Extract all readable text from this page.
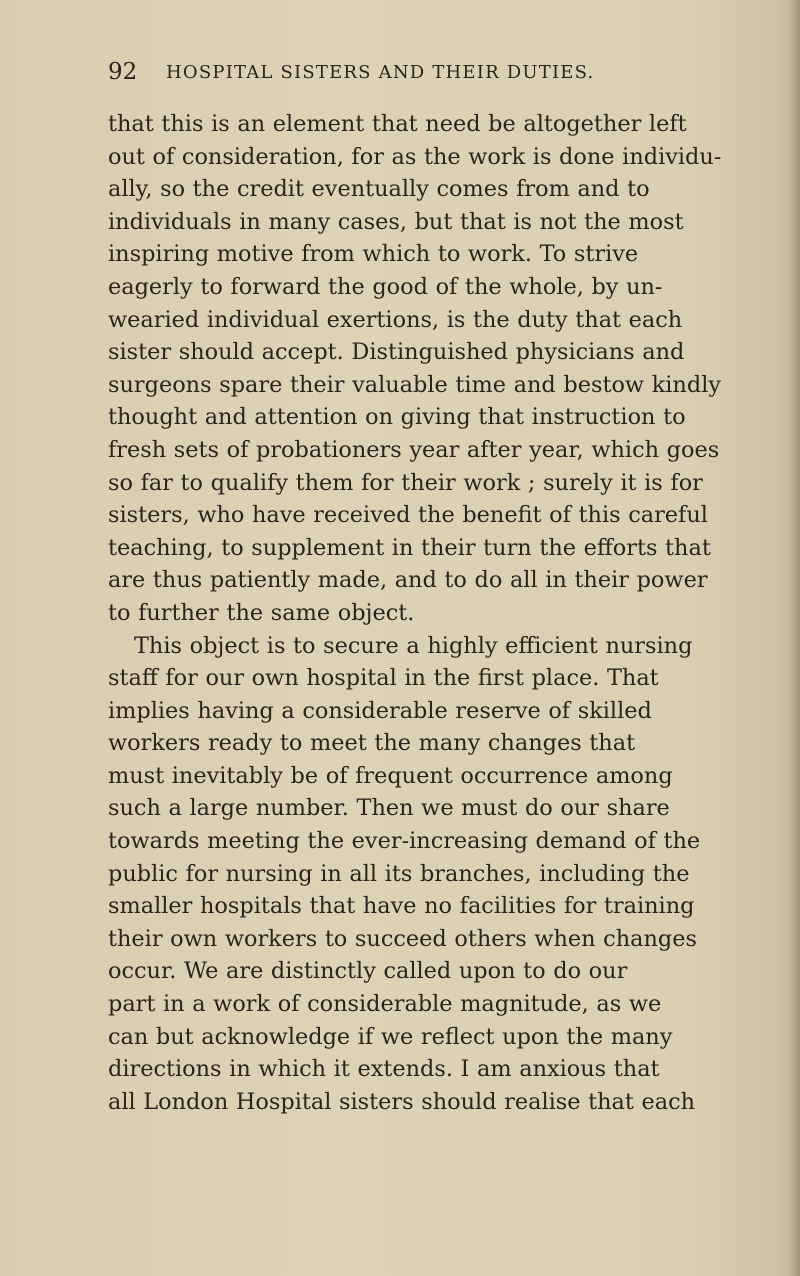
92 HOSPITAL SISTERS AND THEIR DUTIES.
that this is an element that need be altogether left
out of consideration, for as the work is done individu-
ally, so the credit eventually comes from and to
individuals in many cases, but that is not the most
inspiring motive from which to work. To strive
eagerly to forward the good of the whole, by un-
wearied individual exertions, is the duty that each
sister should accept. Distinguished physicians and
surgeons spare their valuable time and bestow kindly
thought and attention on giving that instruction to
fresh sets of probationers year after year, which goes
so far to qualify them for their work ; surely it is for
sisters, who have received the benefit of this careful
teaching, to supplement in their turn the efforts that
are thus patiently made, and to do all in their power
to further the same object.
This object is to secure a highly efficient nursing
staff for our own hospital in the first place. That
implies having a considerable reserve of skilled
workers ready to meet the many changes that
must inevitably be of frequent occurrence among
such a large number. Then we must do our share
towards meeting the ever-increasing demand of the
public for nursing in all its branches, including the
smaller hospitals that have no facilities for training
their own workers to succeed others when changes
occur. We are distinctly called upon to do our
part in a work of considerable magnitude, as we
can but acknowledge if we reflect upon the many
directions in which it extends. I am anxious that
all London Hospital sisters should realise that each
